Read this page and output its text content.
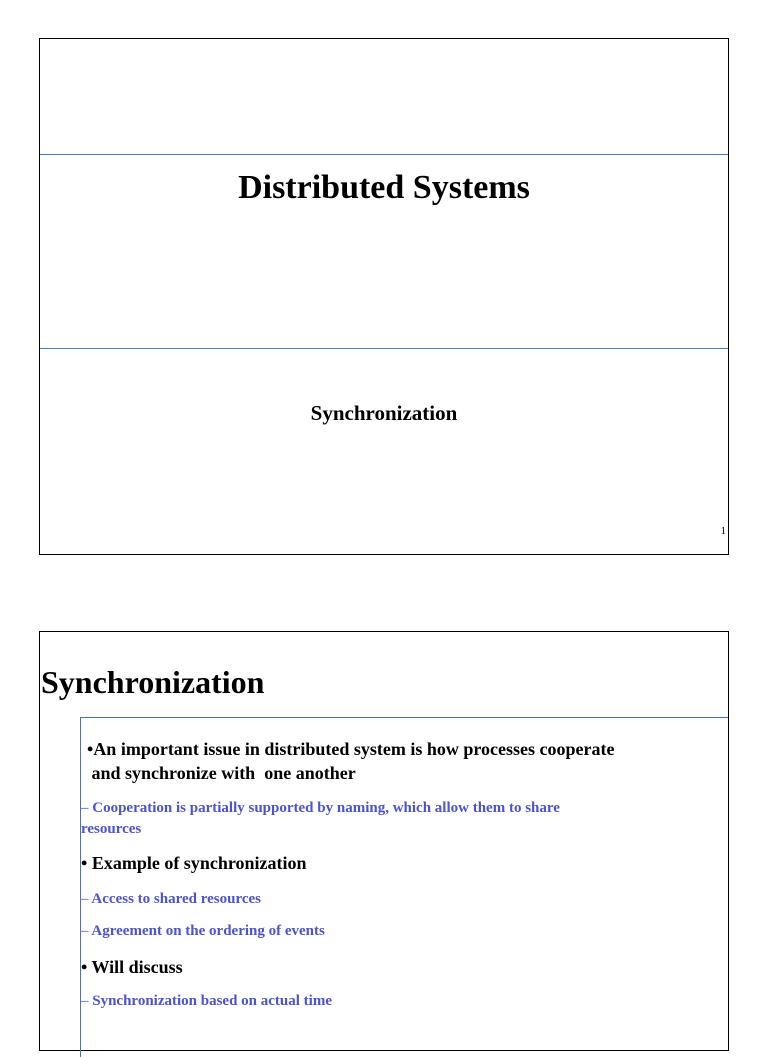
Distributed Systems
Synchronization
1
Synchronization
•An important issue in distributed system is how processes cooperate
and synchronize with  one another
– Cooperation is partially supported by naming, which allow them to share
resources
• Example of synchronization
– Access to shared resources
– Agreement on the ordering of events
• Will discuss
– Synchronization based on actual time
